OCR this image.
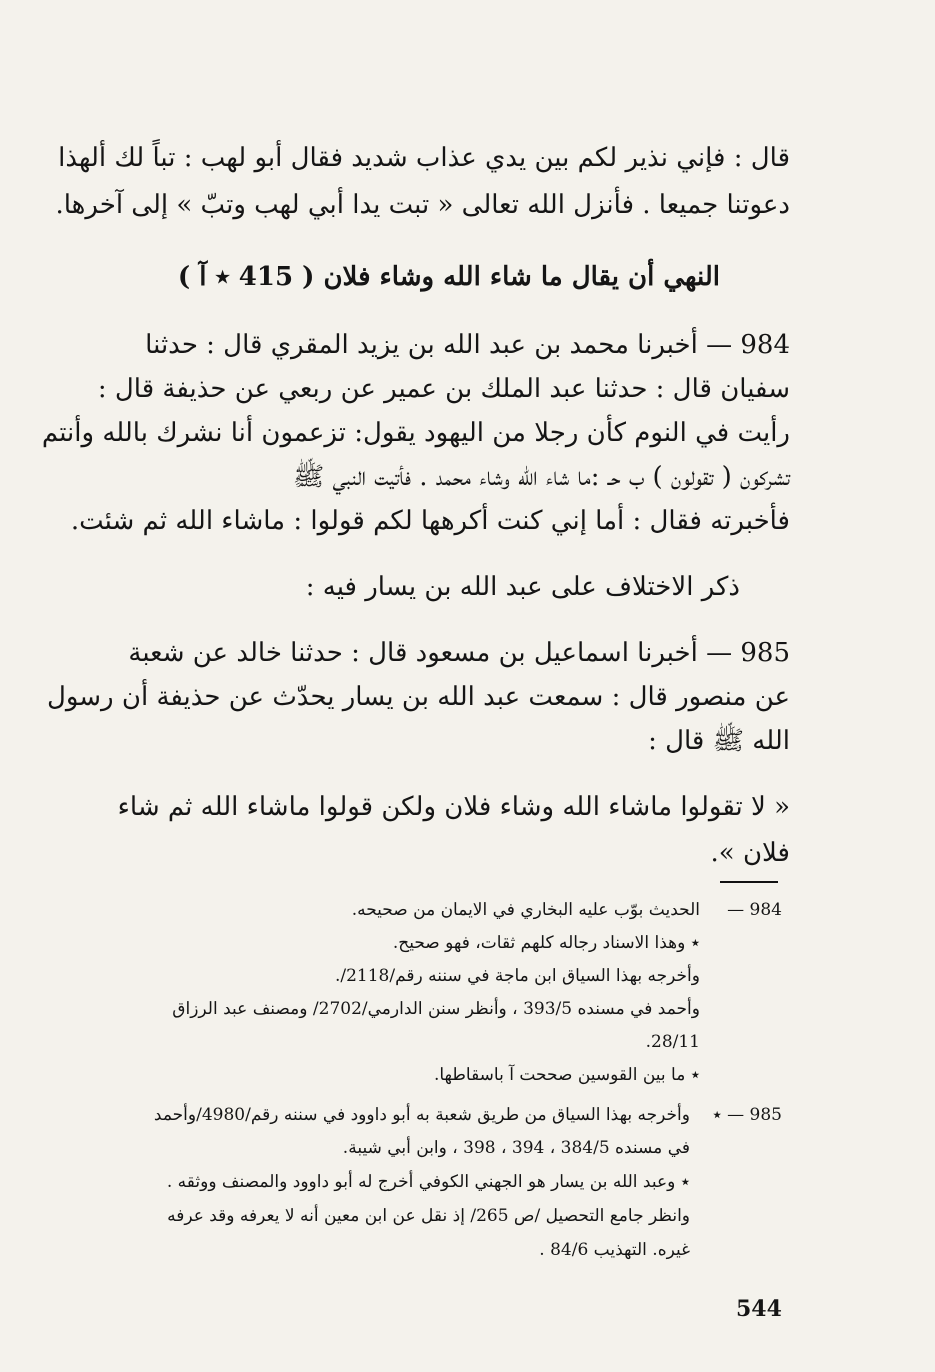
قال : فإني نذير لكم بين يدي عذاب شديد فقال أبو لهب : تباً لك ألهذا
دعوتنا جميعا . فأنزل الله تعالى « تبت يدا أبي لهب وتبّ » إلى آخرها.
النهي أن يقال ما شاء الله وشاء فلان ( 415 ٭ آ )
984 — أخبرنا محمد بن عبد الله بن يزيد المقري قال : حدثنا
سفيان قال : حدثنا عبد الملك بن عمير عن ربعي عن حذيفة قال :
رأيت في النوم كأن رجلا من اليهود يقول: تزعمون أنا نشرك بالله وأنتم
تشركون ( تقولون ) ب حـ :ما شاء الله وشاء محمد . فأتيت النبي ﷺ
فأخبرته فقال : أما إني كنت أكرهها لكم قولوا : ماشاء الله ثم شئت.
ذكر الاختلاف على عبد الله بن يسار فيه :
985 — أخبرنا اسماعيل بن مسعود قال : حدثنا خالد عن شعبة
عن منصور قال : سمعت عبد الله بن يسار يحدّث عن حذيفة أن رسول
الله ﷺ قال :
« لا تقولوا ماشاء الله وشاء فلان ولكن قولوا ماشاء الله ثم شاء
فلان ».
984 —
الحديث بوّب عليه البخاري في الايمان من صحيحه.
٭ وهذا الاسناد رجاله كلهم ثقات، فهو صحيح.
وأخرجه بهذا السياق ابن ماجة في سننه رقم/2118/.
وأحمد في مسنده 393/5 ، وأنظر سنن الدارمي/2702/ ومصنف عبد الرزاق
28/11.
٭ ما بين القوسين صححت آ باسقاطها.
985 — ٭
وأخرجه بهذا السياق من طريق شعبة به أبو داوود في سننه رقم/4980/وأحمد
في مسنده 384/5 ، 394 ، 398 ، وابن أبي شيبة.
٭ وعبد الله بن يسار هو الجهني الكوفي أخرج له أبو داوود والمصنف ووثقه .
وانظر جامع التحصيل /ص 265/ إذ نقل عن ابن معين أنه لا يعرفه وقد عرفه
غيره. التهذيب 84/6 .
544
